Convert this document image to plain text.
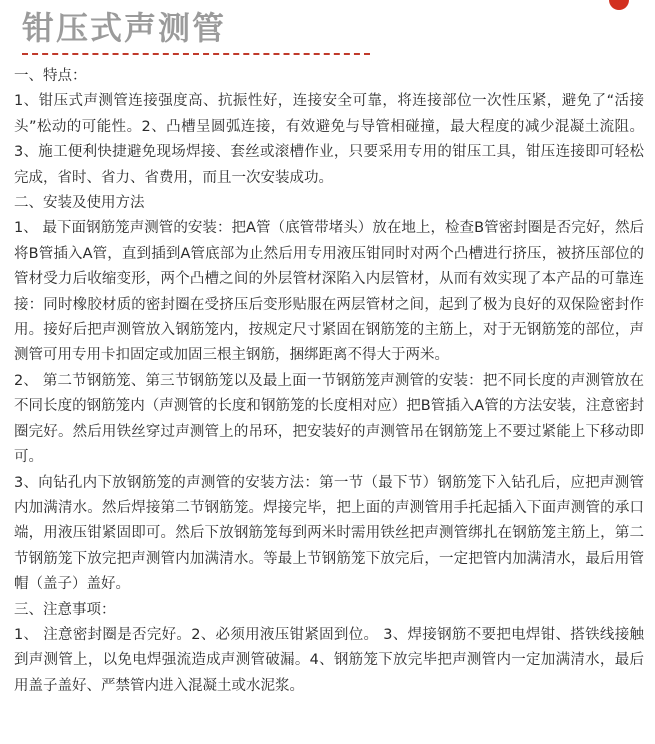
钳压式声测管

一、特点：

1、钳压式声测管连接强度高、抗振性好，连接安全可靠，将连接部位一次性压紧，避免了“活接头”松动的可能性。2、凸槽呈圆弧连接，有效避免与导管相碰撞，最大程度的减少混凝土流阻。3、施工便利快捷避免现场焊接、套丝或滚槽作业，只要采用专用的钳压工具，钳压连接即可轻松完成，省时、省力、省费用，而且一次安装成功。

二、安装及使用方法

1、 最下面钢筋笼声测管的安装：把A管（底管带堵头）放在地上，检查B管密封圈是否完好，然后将B管插入A管，直到插到A管底部为止然后用专用液压钳同时对两个凸槽进行挤压，被挤压部位的管材受力后收缩变形，两个凸槽之间的外层管材深陷入内层管材，从而有效实现了本产品的可靠连接：同时橡胶材质的密封圈在受挤压后变形贴服在两层管材之间，起到了极为良好的双保险密封作用。接好后把声测管放入钢筋笼内，按规定尺寸紧固在钢筋笼的主筋上，对于无钢筋笼的部位，声测管可用专用卡扣固定或加固三根主钢筋，捆绑距离不得大于两米。

2、 第二节钢筋笼、第三节钢筋笼以及最上面一节钢筋笼声测管的安装：把不同长度的声测管放在不同长度的钢筋笼内（声测管的长度和钢筋笼的长度相对应）把B管插入A管的方法安装，注意密封圈完好。然后用铁丝穿过声测管上的吊环，把安装好的声测管吊在钢筋笼上不要过紧能上下移动即可。

3、向钻孔内下放钢筋笼的声测管的安装方法：第一节（最下节）钢筋笼下入钻孔后，应把声测管内加满清水。然后焊接第二节钢筋笼。焊接完毕，把上面的声测管用手托起插入下面声测管的承口端，用液压钳紧固即可。然后下放钢筋笼每到两米时需用铁丝把声测管绑扎在钢筋笼主筋上，第二节钢筋笼下放完把声测管内加满清水。等最上节钢筋笼下放完后，一定把管内加满清水，最后用管帽（盖子）盖好。

三、注意事项：

1、 注意密封圈是否完好。2、必须用液压钳紧固到位。 3、焊接钢筋不要把电焊钳、搭铁线接触到声测管上，以免电焊强流造成声测管破漏。4、钢筋笼下放完毕把声测管内一定加满清水，最后用盖子盖好、严禁管内进入混凝土或水泥浆。
